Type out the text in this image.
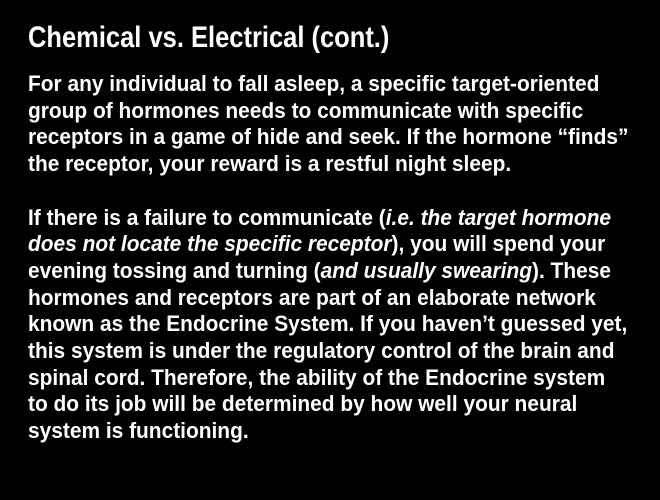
Chemical vs. Electrical (cont.)

For any individual to fall asleep, a specific target-oriented
group of hormones needs to communicate with specific
receptors in a game of hide and seek. If the hormone “finds”
the receptor, your reward is a restful night sleep.

If there is a failure to communicate (i.e. the target hormone
does not locate the specific receptor), you will spend your
evening tossing and turning (and usually swearing). These
hormones and receptors are part of an elaborate network
known as the Endocrine System. If you haven’t guessed yet,
this system is under the regulatory control of the brain and
spinal cord. Therefore, the ability of the Endocrine system
to do its job will be determined by how well your neural
system is functioning.
